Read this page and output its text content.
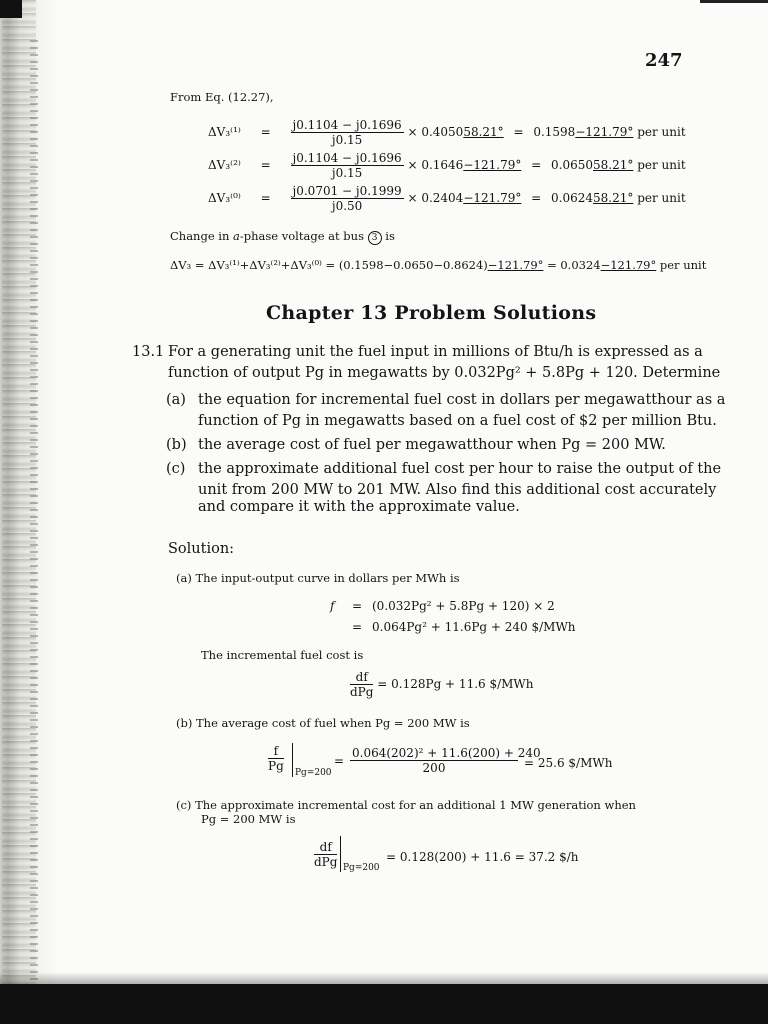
247
From Eq. (12.27),
$\Delta V_3^{(1)} = \frac{j0.1104 - j0.1696}{j0.15} \times 0.405058.21^\circ = 0.1598-121.79^\circ$ per unit
$\Delta V_3^{(2)} = \frac{j0.1104 - j0.1696}{j0.15} \times 0.1646-121.79^\circ = 0.065058.21^\circ$ per unit
$\Delta V_3^{(0)} = \frac{j0.0701 - j0.1999}{j0.50} \times 0.2404-121.79^\circ = 0.062458.21^\circ$ per unit
Change in a-phase voltage at bus 3 is
ΔV₃ = ΔV₃⁽¹⁾+ΔV₃⁽²⁾+ΔV₃⁽⁰⁾ = (0.1598−0.0650−0.8624)−121.79° = 0.0324−121.79° per unit
Chapter 13 Problem Solutions
13.1 For a generating unit the fuel input in millions of Btu/h is expressed as a
function of output Pg in megawatts by 0.032Pg² + 5.8Pg + 120. Determine
(a) the equation for incremental fuel cost in dollars per megawatthour as a
function of Pg in megawatts based on a fuel cost of $2 per million Btu.
(b) the average cost of fuel per megawatthour when Pg = 200 MW.
(c) the approximate additional fuel cost per hour to raise the output of the
unit from 200 MW to 201 MW. Also find this additional cost accurately
and compare it with the approximate value.
Solution:
(a) The input-output curve in dollars per MWh is
f = (0.032Pg² + 5.8Pg + 120) × 2
= 0.064Pg² + 11.6Pg + 240 $/MWh
The incremental fuel cost is
$\frac{df}{\text{dPg}} = 0.128Pg + 11.6$ $/MWh
(b) The average cost of fuel when Pg = 200 MW is
$\frac{f}{Pg} Pg=200$
= $\frac{\text{0.064(202)² + 11.6(200) + 240}}{200} = 25.6$ $/MWh
(c) The approximate incremental cost for an additional 1 MW generation when
Pg = 200 MW is
$\frac{df}{\text{dPg}} Pg=200$
= 0.128(200) + 11.6 = 37.2 $/h
